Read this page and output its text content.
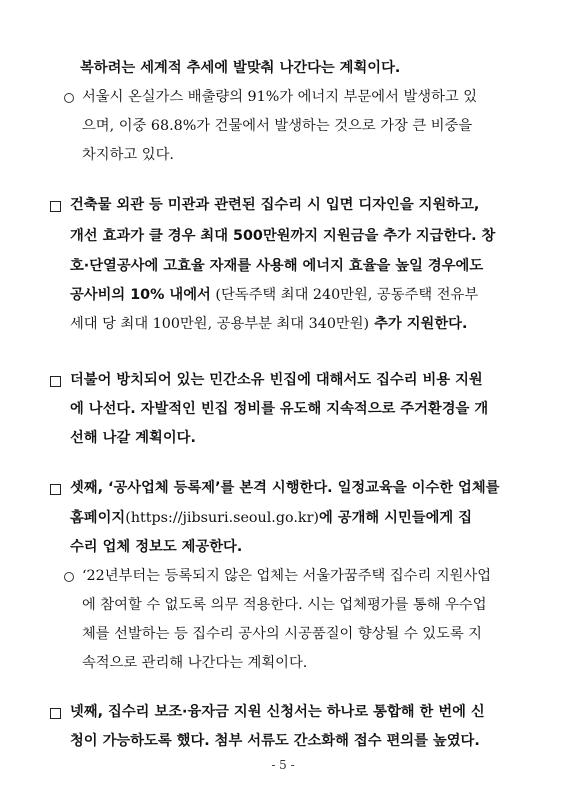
복하려는 세계적 추세에 발맞춰 나간다는 계획이다.
서울시 온실가스 배출량의 91%가 에너지 부문에서 발생하고 있
으며, 이중 68.8%가 건물에서 발생하는 것으로 가장 큰 비중을
차지하고 있다.
건축물 외관 등 미관과 관련된 집수리 시 입면 디자인을 지원하고,
개선 효과가 클 경우 최대 500만원까지 지원금을 추가 지급한다. 창
호·단열공사에 고효율 자재를 사용해 에너지 효율을 높일 경우에도
공사비의 10% 내에서 (단독주택 최대 240만원, 공동주택 전유부
세대 당 최대 100만원, 공용부분 최대 340만원) 추가 지원한다.
더불어 방치되어 있는 민간소유 빈집에 대해서도 집수리 비용 지원
에 나선다. 자발적인 빈집 정비를 유도해 지속적으로 주거환경을 개
선해 나갈 계획이다.
셋째, ‘공사업체 등록제’를 본격 시행한다. 일정교육을 이수한 업체를
홈페이지(https://jibsuri.seoul.go.kr)에 공개해 시민들에게 집
수리 업체 정보도 제공한다.
‘22년부터는 등록되지 않은 업체는 서울가꿈주택 집수리 지원사업
에 참여할 수 없도록 의무 적용한다. 시는 업체평가를 통해 우수업
체를 선발하는 등 집수리 공사의 시공품질이 향상될 수 있도록 지
속적으로 관리해 나간다는 계획이다.
넷째, 집수리 보조·융자금 지원 신청서는 하나로 통합해 한 번에 신
청이 가능하도록 했다. 첨부 서류도 간소화해 접수 편의를 높였다.
- 5 -
